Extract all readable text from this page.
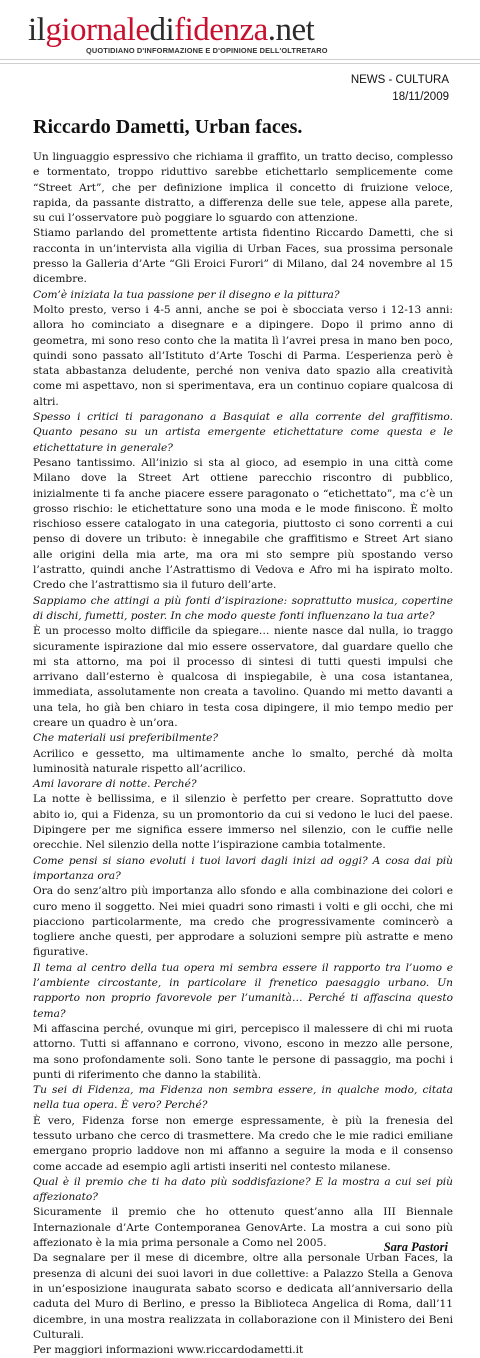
ilgiornaledifidenza.net
QUOTIDIANO D'INFORMAZIONE E D'OPINIONE DELL'OLTRETARO
NEWS - CULTURA
18/11/2009
Riccardo Dametti, Urban faces.

Un linguaggio espressivo che richiama il graffito, un tratto deciso, complesso e tormentato, troppo riduttivo sarebbe etichettarlo semplicemente come “Street Art”, che per definizione implica il concetto di fruizione veloce, rapida, da passante distratto, a differenza delle sue tele, appese alla parete, su cui l’osservatore può poggiare lo sguardo con attenzione.

Stiamo parlando del promettente artista fidentino Riccardo Dametti, che si racconta in un’intervista alla vigilia di Urban Faces, sua prossima personale presso la Galleria d’Arte “Gli Eroici Furori” di Milano, dal 24 novembre al 15 dicembre.

Com’è iniziata la tua passione per il disegno e la pittura?

Molto presto, verso i 4-5 anni, anche se poi è sbocciata verso i 12-13 anni: allora ho cominciato a disegnare e a dipingere. Dopo il primo anno di geometra, mi sono reso conto che la matita lì l’avrei presa in mano ben poco, quindi sono passato all’Istituto d’Arte Toschi di Parma. L’esperienza però è stata abbastanza deludente, perché non veniva dato spazio alla creatività come mi aspettavo, non si sperimentava, era un continuo copiare qualcosa di altri.

Spesso i critici ti paragonano a Basquiat e alla corrente del graffitismo. Quanto pesano su un artista emergente etichettature come questa e le etichettature in generale?

Pesano tantissimo. All’inizio si sta al gioco, ad esempio in una città come Milano dove la Street Art ottiene parecchio riscontro di pubblico, inizialmente ti fa anche piacere essere paragonato o “etichettato”, ma c’è un grosso rischio: le etichettature sono una moda e le mode finiscono. È molto rischioso essere catalogato in una categoria, piuttosto ci sono correnti a cui penso di dovere un tributo: è innegabile che graffitismo e Street Art siano alle origini della mia arte, ma ora mi sto sempre più spostando verso l’astratto, quindi anche l’Astrattismo di Vedova e Afro mi ha ispirato molto. Credo che l’astrattismo sia il futuro dell’arte.

Sappiamo che attingi a più fonti d’ispirazione: soprattutto musica, copertine di dischi, fumetti, poster. In che modo queste fonti influenzano la tua arte?

È un processo molto difficile da spiegare… niente nasce dal nulla, io traggo sicuramente ispirazione dal mio essere osservatore, dal guardare quello che mi sta attorno, ma poi il processo di sintesi di tutti questi impulsi che arrivano dall’esterno è qualcosa di inspiegabile, è una cosa istantanea, immediata, assolutamente non creata a tavolino. Quando mi metto davanti a una tela, ho già ben chiaro in testa cosa dipingere, il mio tempo medio per creare un quadro è un’ora.

Che materiali usi preferibilmente?

Acrilico e gessetto, ma ultimamente anche lo smalto, perché dà molta luminosità naturale rispetto all’acrilico.

Ami lavorare di notte. Perché?

La notte è bellissima, e il silenzio è perfetto per creare. Soprattutto dove abito io, qui a Fidenza, su un promontorio da cui si vedono le luci del paese. Dipingere per me significa essere immerso nel silenzio, con le cuffie nelle orecchie. Nel silenzio della notte l’ispirazione cambia totalmente.

Come pensi si siano evoluti i tuoi lavori dagli inizi ad oggi? A cosa dai più importanza ora?

Ora do senz’altro più importanza allo sfondo e alla combinazione dei colori e curo meno il soggetto. Nei miei quadri sono rimasti i volti e gli occhi, che mi piacciono particolarmente, ma credo che progressivamente comincerò a togliere anche questi, per approdare a soluzioni sempre più astratte e meno figurative.

Il tema al centro della tua opera mi sembra essere il rapporto tra l’uomo e l’ambiente circostante, in particolare il frenetico paesaggio urbano. Un rapporto non proprio favorevole per l’umanità… Perché ti affascina questo tema?

Mi affascina perché, ovunque mi giri, percepisco il malessere di chi mi ruota attorno. Tutti si affannano e corrono, vivono, escono in mezzo alle persone, ma sono profondamente soli. Sono tante le persone di passaggio, ma pochi i punti di riferimento che danno la stabilità.

Tu sei di Fidenza, ma Fidenza non sembra essere, in qualche modo, citata nella tua opera. È vero? Perché?

È vero, Fidenza forse non emerge espressamente, è più la frenesia del tessuto urbano che cerco di trasmettere. Ma credo che le mie radici emiliane emergano proprio laddove non mi affanno a seguire la moda e il consenso come accade ad esempio agli artisti inseriti nel contesto milanese.

Qual è il premio che ti ha dato più soddisfazione? E la mostra a cui sei più affezionato?

Sicuramente il premio che ho ottenuto quest’anno alla III Biennale Internazionale d’Arte Contemporanea GenovArte. La mostra a cui sono più affezionato è la mia prima personale a Como nel 2005.

Da segnalare per il mese di dicembre, oltre alla personale Urban Faces, la presenza di alcuni dei suoi lavori in due collettive: a Palazzo Stella a Genova in un’esposizione inaugurata sabato scorso e dedicata all’anniversario della caduta del Muro di Berlino, e presso la Biblioteca Angelica di Roma, dall’11 dicembre, in una mostra realizzata in collaborazione con il Ministero dei Beni Culturali.

Per maggiori informazioni www.riccardodametti.it

Sara Pastori
